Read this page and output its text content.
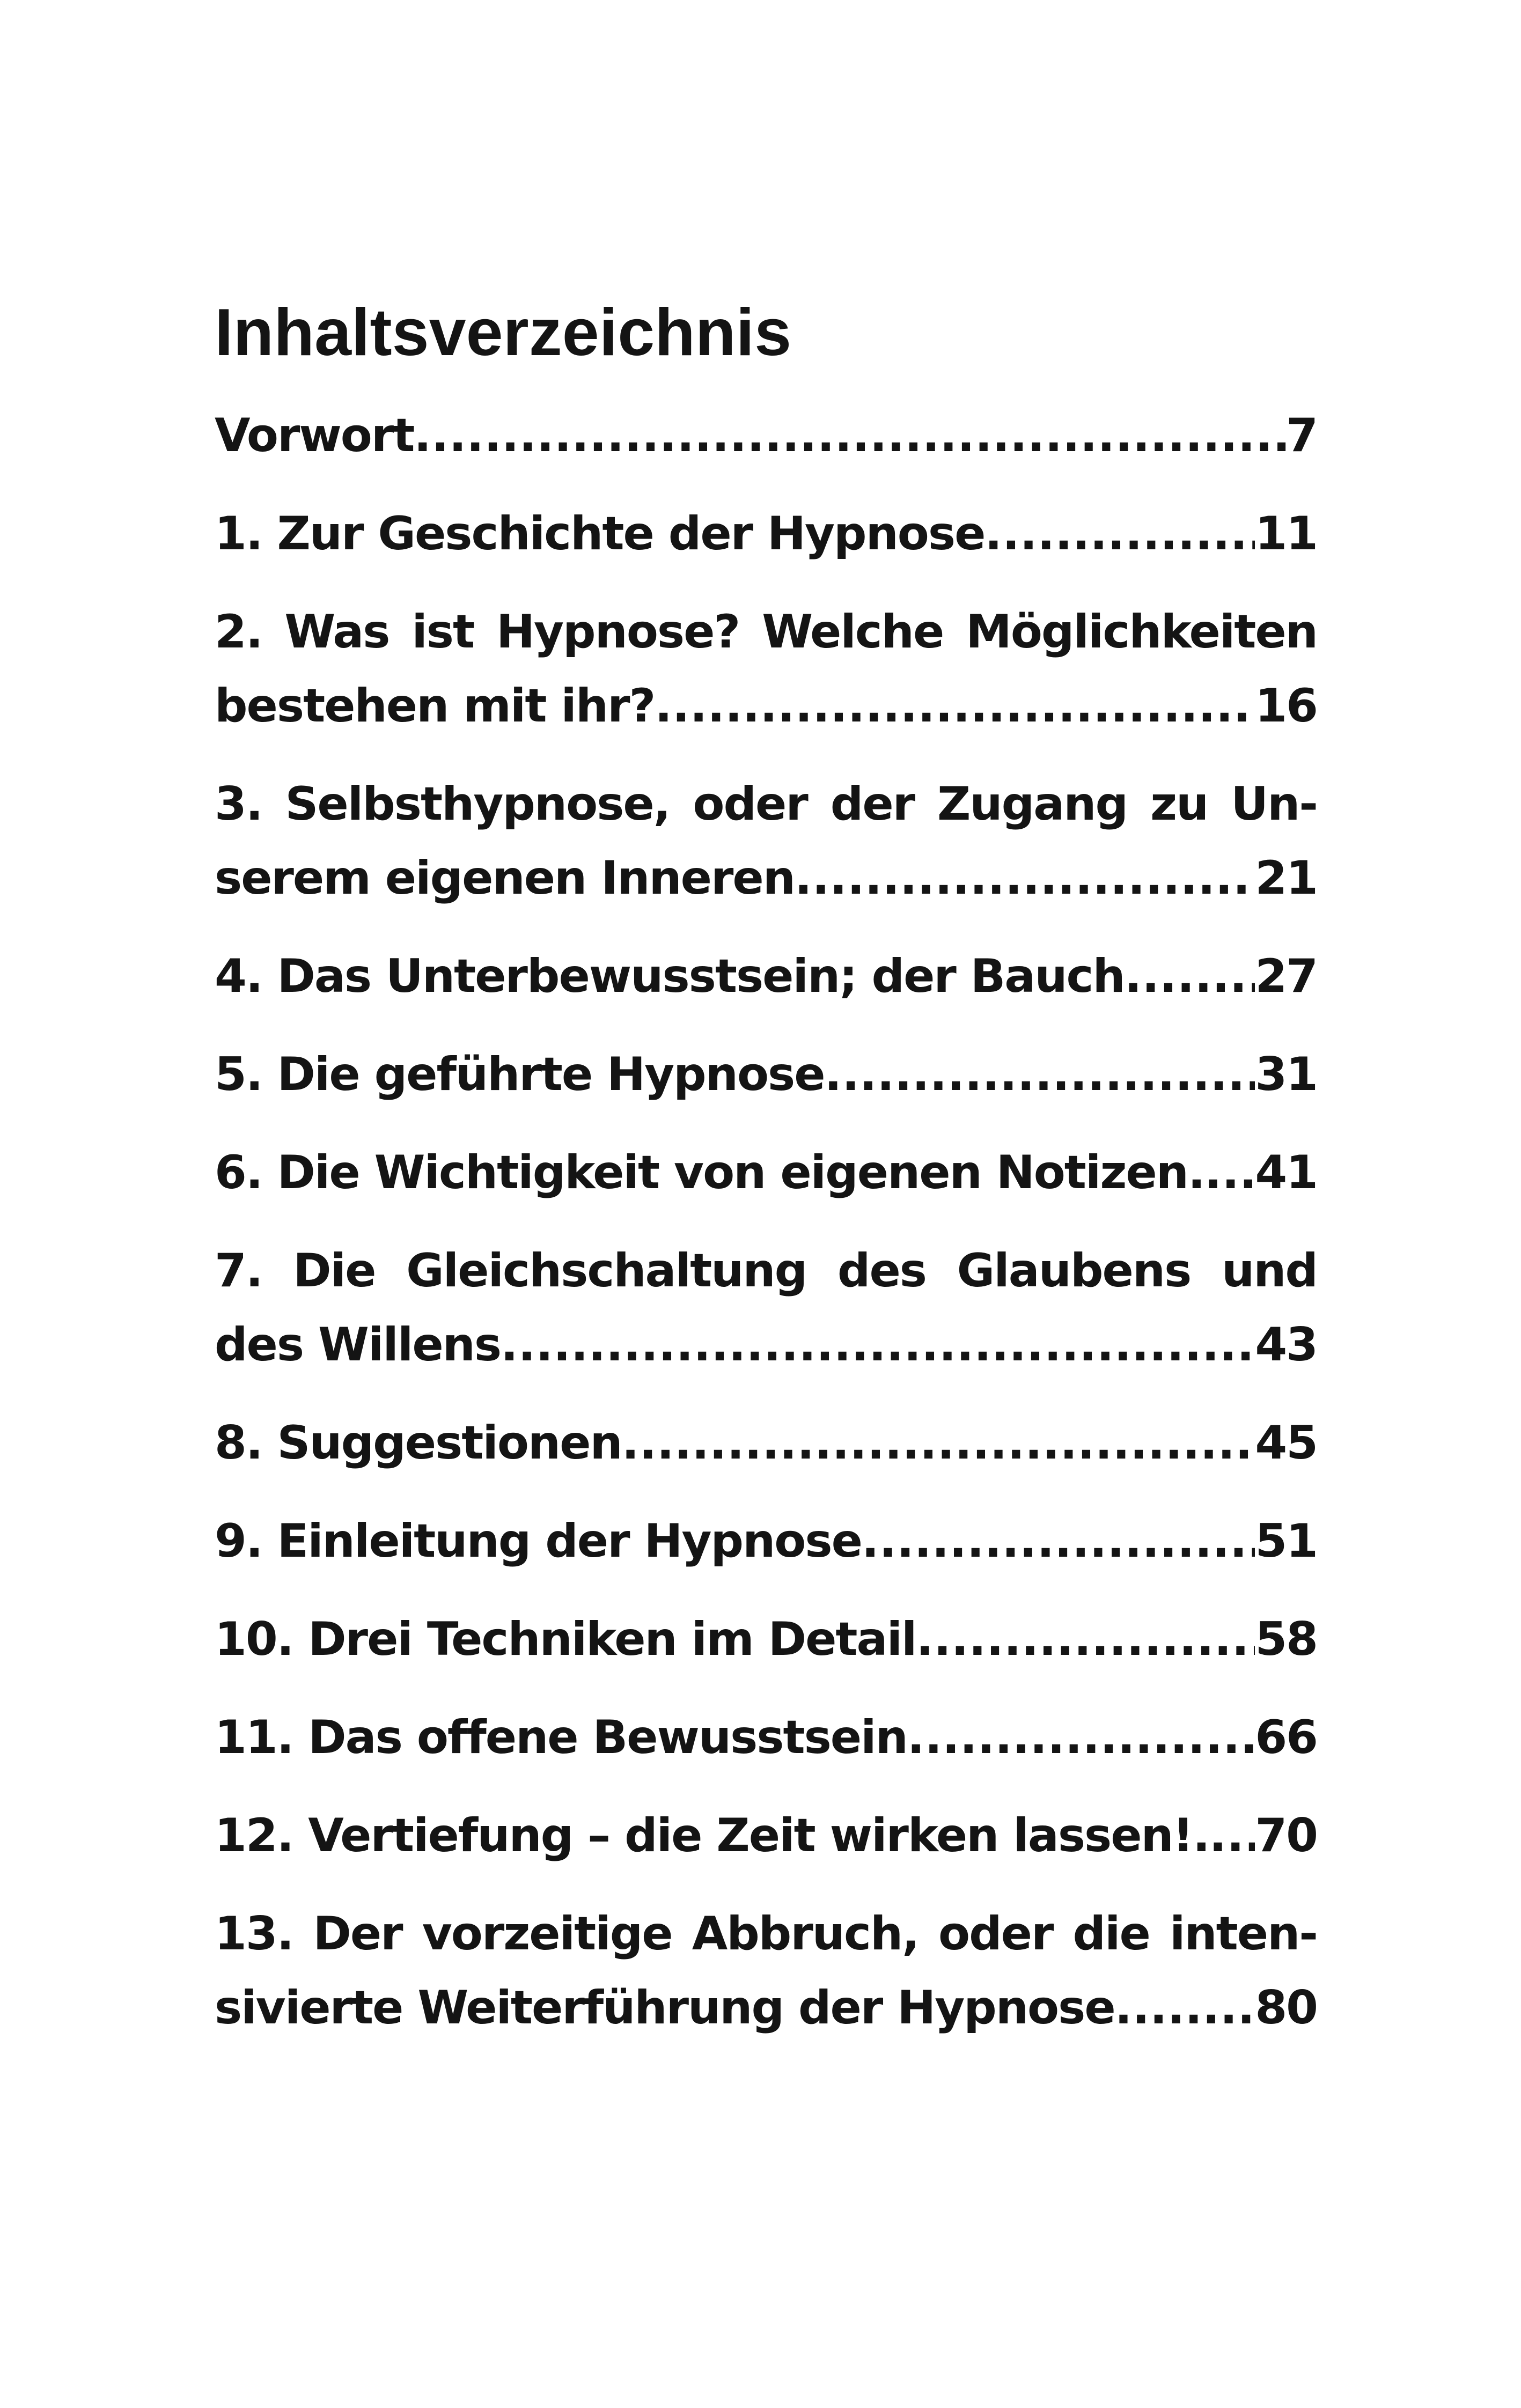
Inhaltsverzeichnis
Vorwort .....	7
1. Zur Geschichte der Hypnose .....	11
2. Was ist Hypnose? Welche Möglichkeiten
bestehen mit ihr? .....	16
3. Selbsthypnose, oder der Zugang zu Un-
serem eigenen Inneren .....	21
4. Das Unterbewusstsein; der Bauch .....	27
5. Die geführte Hypnose .....	31
6. Die Wichtigkeit von eigenen Notizen. ..... 41
7. Die Gleichschaltung des Glaubens und
des Willens .....	43
8. Suggestionen .....	45
9. Einleitung der Hypnose .....	51
10. Drei Techniken im Detail .....	58
11. Das offene Bewusstsein .....	66
12. Vertiefung – die Zeit wirken lassen!. ..... 70
13. Der vorzeitige Abbruch, oder die inten-
sivierte Weiterführung der Hypnose .....	80
